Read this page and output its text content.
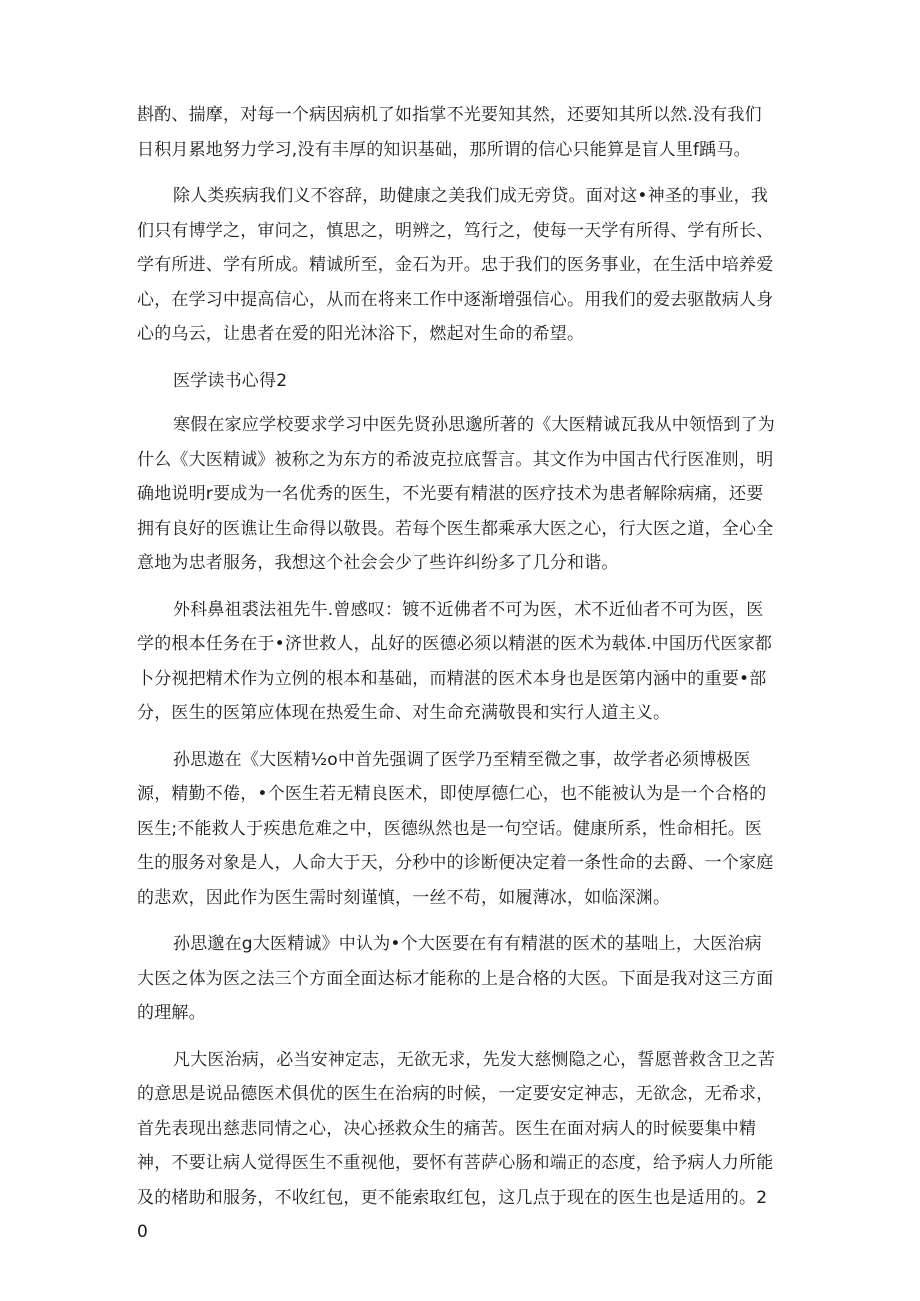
斟酌、揣摩，对每一个病因病机了如指掌不光要知其然，还要知其所以然.没有我们日积月累地努力学习,没有丰厚的知识基础，那所谓的信心只能算是盲人里f踽马。

除人类疾病我们义不容辞，助健康之美我们成无旁贷。面对这•神圣的事业，我们只有博学之，审问之，慎思之，明辨之，笃行之，使每一天学有所得、学有所长、学有所进、学有所成。精诚所至，金石为开。忠于我们的医务事业，在生活中培养爱心，在学习中提高信心，从而在将来工作中逐渐增强信心。用我们的爱去驱散病人身心的乌云，让患者在爱的阳光沐浴下，燃起对生命的希望。

医学读书心得2

寒假在家应学校要求学习中医先贤孙思邈所著的《大医精诚瓦我从中领悟到了为什么《大医精诚》被称之为东方的希波克拉底誓言。其文作为中国古代行医准则，明确地说明r要成为一名优秀的医生，不光要有精湛的医疗技术为患者解除病痛，还要拥有良好的医谯让生命得以敬畏。若每个医生都乘承大医之心，行大医之道，全心全意地为忠者服务，我想这个社会会少了些许纠纷多了几分和谐。

外科鼻祖裘法祖先牛.曾感叹：镀不近佛者不可为医，术不近仙者不可为医，医学的根本任务在于•济世救人，乩好的医德必须以精湛的医术为载体.中国历代医家都卜分视把精术作为立例的根本和基础，而精湛的医术本身也是医第内涵中的重要•部分，医生的医第应体现在热爱生命、对生命充满敬畏和实行人道主义。

孙思遨在《大医精½o中首先强调了医学乃至精至微之事，故学者必须博极医源，精勤不倦，•个医生若无精良医术，即使厚德仁心，也不能被认为是一个合格的医生;不能救人于疾患危难之中，医德纵然也是一句空话。健康所系，性命相托。医生的服务对象是人，人命大于天，分秒中的诊断便决定着一条性命的去爵、一个家庭的悲欢，因此作为医生需时刻谨慎，一丝不苟，如履薄冰，如临深渊。

孙思邈在g大医精诚》中认为•个大医要在有有精湛的医术的基咄上，大医治病大医之体为医之法三个方面全面达标才能称的上是合格的大医。下面是我对这三方面的理解。

凡大医治病，必当安神定志，无欲无求，先发大慈恻隐之心，誓愿普救含卫之苦的意思是说品德医术俱优的医生在治病的时候，一定要安定神志，无欲念，无希求，首先表现出慈悲同情之心，决心拯救众生的痛苦。医生在面对病人的时候要集中精神，不要让病人觉得医生不重视他，要怀有菩萨心肠和端正的态度，给予病人力所能及的楮助和服务，不收红包，更不能索取红包，这几点于现在的医生也是适用的。20
